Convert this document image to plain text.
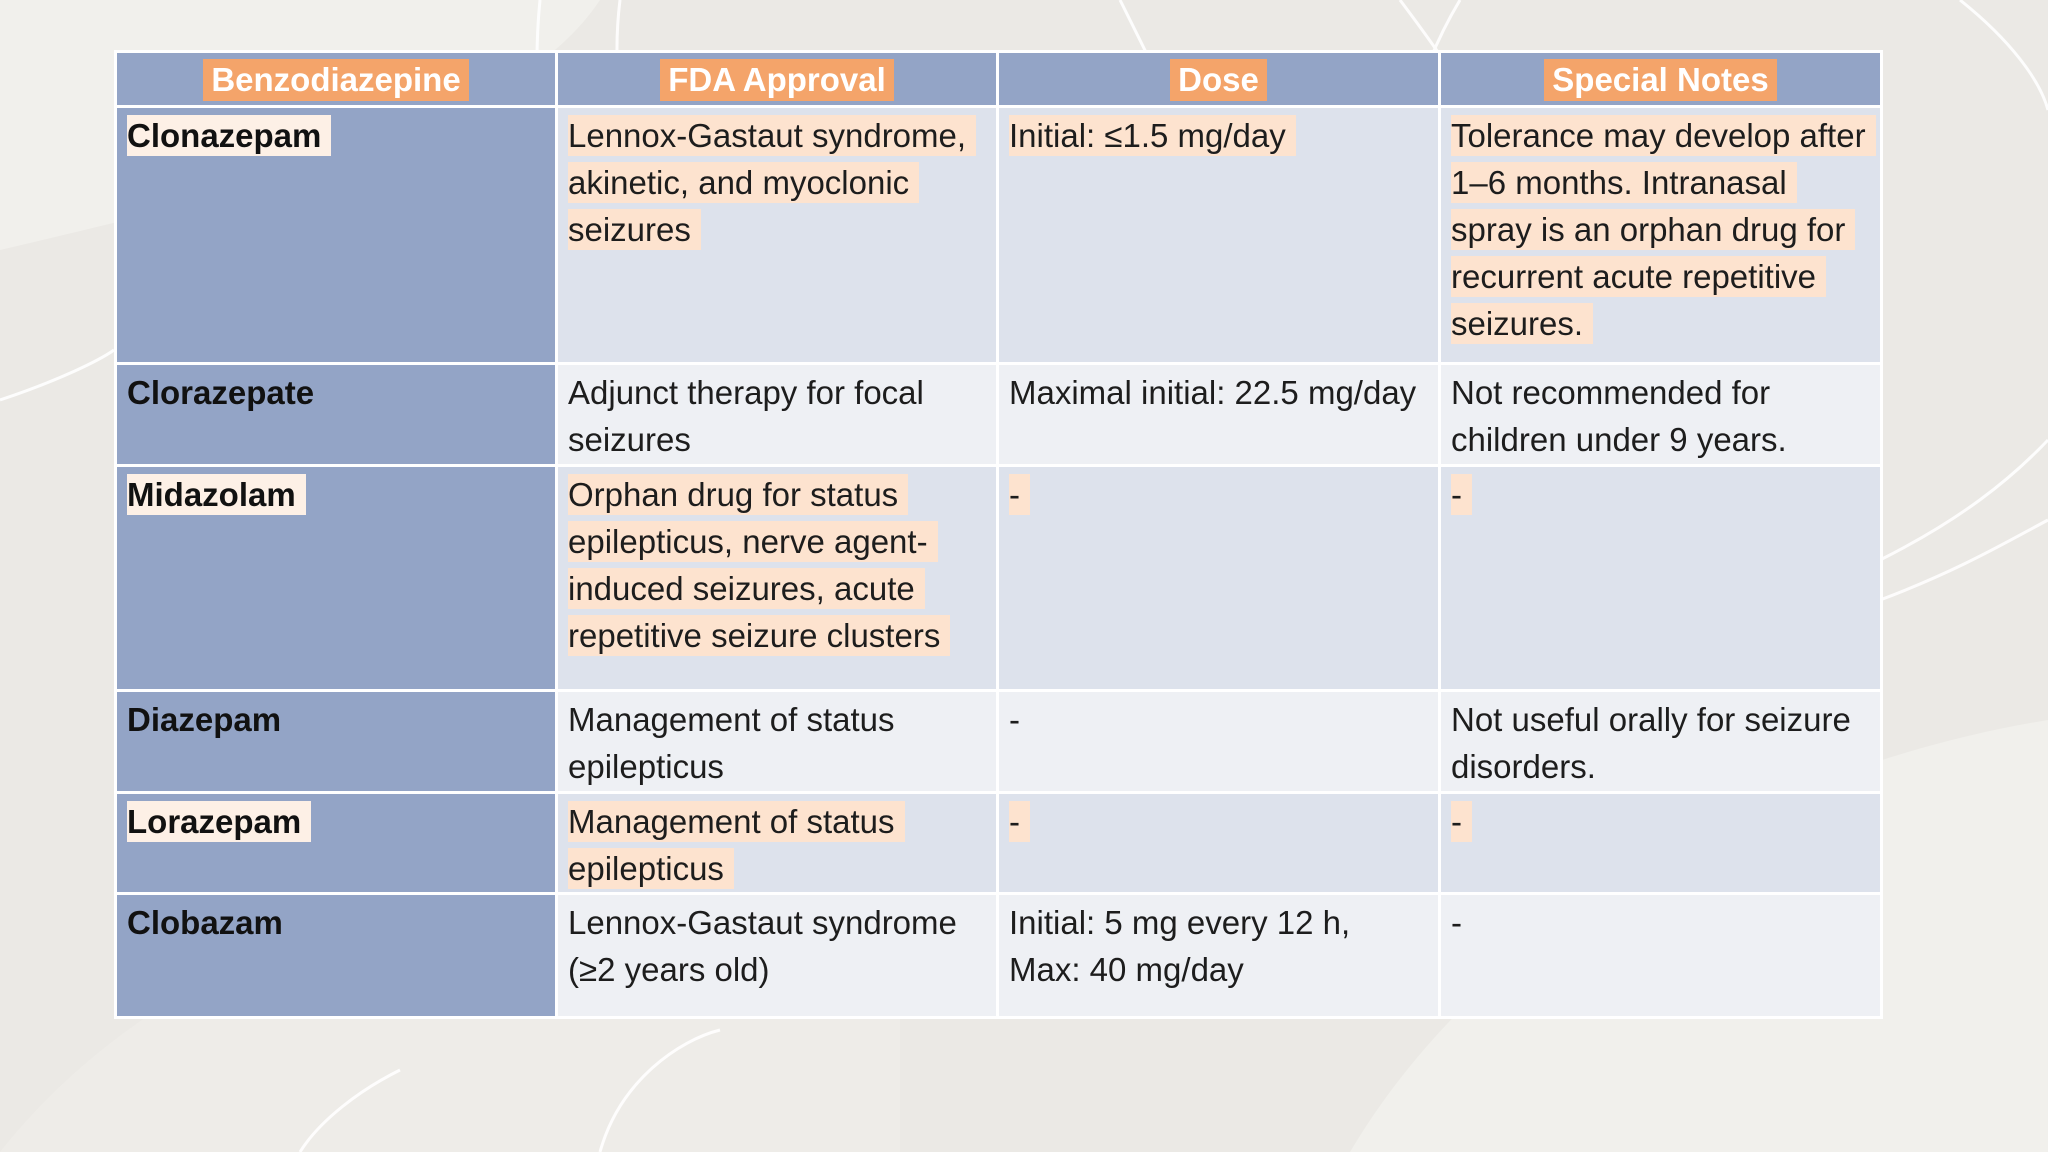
Benzodiazepine	FDA Approval	Dose	Special Notes
Clonazepam	Lennox-Gastaut syndrome, akinetic, and myoclonic seizures	Initial: ≤1.5 mg/day	Tolerance may develop after 1–6 months. Intranasal spray is an orphan drug for recurrent acute repetitive seizures.
Clorazepate	Adjunct therapy for focal seizures	Maximal initial: 22.5 mg/day	Not recommended for children under 9 years.
Midazolam	Orphan drug for status epilepticus, nerve agent-induced seizures, acute repetitive seizure clusters	-	-
Diazepam	Management of status epilepticus	-	Not useful orally for seizure disorders.
Lorazepam	Management of status epilepticus	-	-
Clobazam	Lennox-Gastaut syndrome (≥2 years old)	Initial: 5 mg every 12 h, Max: 40 mg/day	-
